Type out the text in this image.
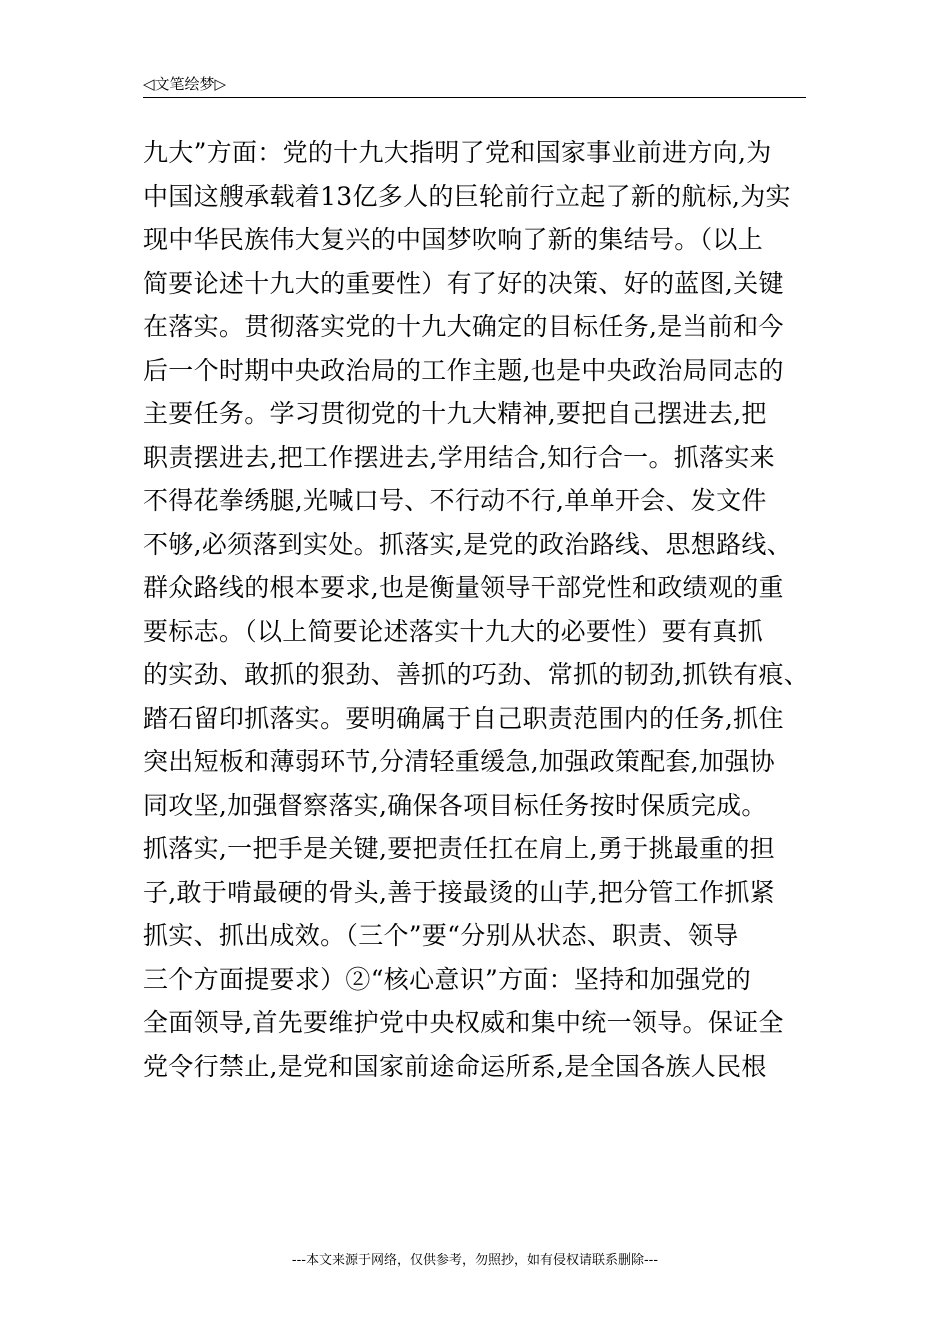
◁文笔绘梦▷
九大”方面：党的十九大指明了党和国家事业前进方向,为
中国这艘承载着13亿多人的巨轮前行立起了新的航标,为实
现中华民族伟大复兴的中国梦吹响了新的集结号。（以上
简要论述十九大的重要性）有了好的决策、好的蓝图,关键
在落实。贯彻落实党的十九大确定的目标任务,是当前和今
后一个时期中央政治局的工作主题,也是中央政治局同志的
主要任务。学习贯彻党的十九大精神,要把自己摆进去,把
职责摆进去,把工作摆进去,学用结合,知行合一。抓落实来
不得花拳绣腿,光喊口号、不行动不行,单单开会、发文件
不够,必须落到实处。抓落实,是党的政治路线、思想路线、
群众路线的根本要求,也是衡量领导干部党性和政绩观的重
要标志。（以上简要论述落实十九大的必要性）要有真抓
的实劲、敢抓的狠劲、善抓的巧劲、常抓的韧劲,抓铁有痕、
踏石留印抓落实。要明确属于自己职责范围内的任务,抓住
突出短板和薄弱环节,分清轻重缓急,加强政策配套,加强协
同攻坚,加强督察落实,确保各项目标任务按时保质完成。
抓落实,一把手是关键,要把责任扛在肩上,勇于挑最重的担
子,敢于啃最硬的骨头,善于接最烫的山芋,把分管工作抓紧
抓实、抓出成效。（三个”要“分别从状态、职责、领导
三个方面提要求）②“核心意识”方面：坚持和加强党的
全面领导,首先要维护党中央权威和集中统一领导。保证全
党令行禁止,是党和国家前途命运所系,是全国各族人民根
---本文来源于网络，仅供参考，勿照抄，如有侵权请联系删除---
